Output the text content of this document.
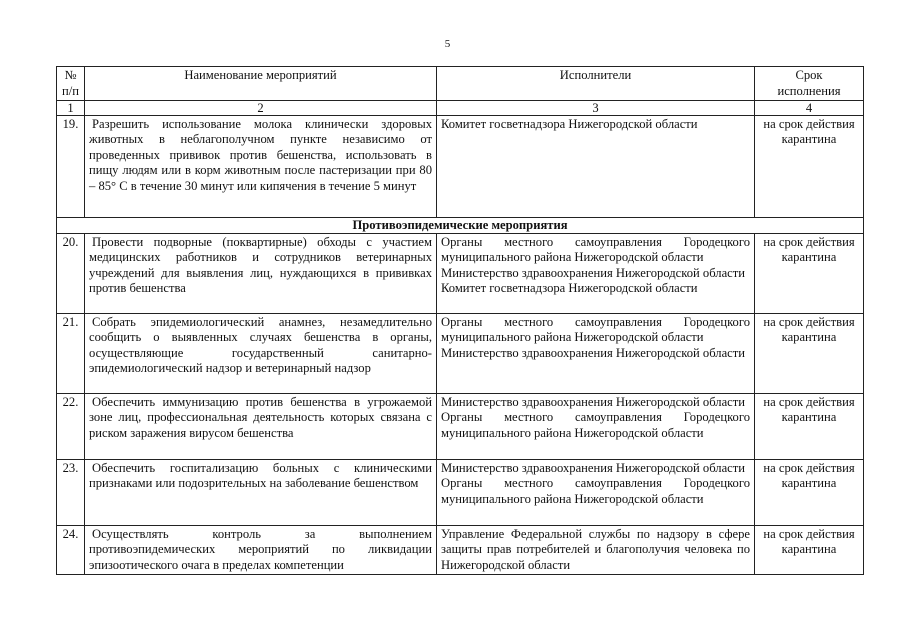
5
№
п/п	Наименование мероприятий	Исполнители	Срок
исполнения

1	2	3	4
19.	Разрешить использование молока клинически здоровых животных в неблагополучном пункте независимо от проведенных прививок против бешенства, использовать в пищу людям или в корм животным после пастеризации при 80 – 85° С в течение 30 минут или кипячения в течение 5 минут	Комитет госветнадзора Нижегородской области	на срок действия карантина
Противоэпидемические мероприятия			
20.	Провести подворные (поквартирные) обходы с участием медицинских работников и сотрудников ветеринарных учреждений для выявления лиц, нуждающихся в прививках против бешенства	Органы местного самоуправления Городецкого муниципального района Нижегородской области
Министерство здравоохранения Нижегородской области
Комитет госветнадзора Нижегородской области	на срок действия карантина
21.	Собрать эпидемиологический анамнез, незамедлительно сообщить о выявленных случаях бешенства в органы, осуществляющие государственный санитарно-эпидемиологический надзор и ветеринарный надзор	Органы местного самоуправления Городецкого муниципального района Нижегородской области
Министерство здравоохранения Нижегородской области	на срок действия карантина
22.	Обеспечить иммунизацию против бешенства в угрожаемой зоне лиц, профессиональная деятельность которых связана с риском заражения вирусом бешенства	Министерство здравоохранения Нижегородской области
Органы местного самоуправления Городецкого муниципального района Нижегородской области	на срок действия карантина
23.	Обеспечить госпитализацию больных с клиническими признаками или подозрительных на заболевание бешенством	Министерство здравоохранения Нижегородской области
Органы местного самоуправления Городецкого муниципального района Нижегородской области	на срок действия карантина
24.	Осуществлять контроль за выполнением противоэпидемических мероприятий по ликвидации эпизоотического очага в пределах компетенции	Управление Федеральной службы по надзору в сфере защиты прав потребителей и благополучия человека по Нижегородской области	на срок действия карантина
